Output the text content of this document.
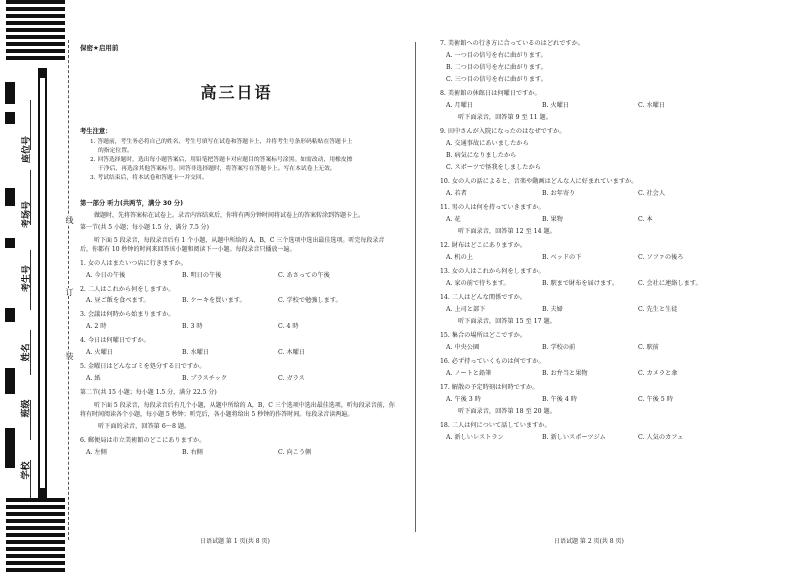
座位号
考场号
考生号
姓名
班级
学校
线
订
装
保密★启用前
高三日语
考生注意：

1. 答题前，考生务必将自己的姓名、考生号填写在试卷和答题卡上，并将考生号条形码粘贴在答题卡上

的指定位置。

2. 回答选择题时，选出每小题答案后，用铅笔把答题卡对应题目的答案标号涂黑。如需改动，用橡皮擦

干净后，再选涂其他答案标号。回答非选择题时，将答案写在答题卡上。写在本试卷上无效。

3. 考试结束后，将本试卷和答题卡一并交回。

第一部分 听力(共两节，满分 30 分)
做题时，先将答案标在试卷上。录音内容结束后，你将有两分钟时间将试卷上的答案转涂到答题卡上。
第一节(共 5 小题；每小题 1.5 分，满分 7.5 分)
听下面 5 段录音，每段录音后有 1 个小题，从题中所给的 A，B，C 三个选项中选出最佳选项。听完每段录音后，你都有 10 秒钟的时间来回答该小题和阅读下一小题。每段录音只播放一遍。
1. 女の人はまたいつ店に行きますか。
A. 今日の午後	B. 明日の午後	C. あさっての午後
2. 二人はこれから何をしますか。
A. 昼ご飯を食べます。	B. ケーキを買います。	C. 学校で勉強します。
3. 会議は何時から始まりますか。
A. 2 時	B. 3 時	C. 4 時
4. 今日は何曜日ですか。
A. 火曜日	B. 水曜日	C. 木曜日
5. 金曜日はどんなゴミを処分する日ですか。
A. 紙	B. プラスチック	C. ガラス
第二节(共 15 小题；每小题 1.5 分，满分 22.5 分)
听下面 5 段录音，每段录音后有几个小题，从题中所给的 A，B，C 三个选项中选出最佳选项。听每段录音前，你将有时间阅读各个小题，每小题 5 秒钟；听完后，各小题将给出 5 秒钟的作答时间。每段录音读两遍。
听下面的录音，回答第 6～8 题。
6. 郵便局は市立美術館のどこにありますか。
A. 左側	B. 右側	C. 向こう側
7. 美術館への行き方に合っているのはどれですか。
A. 一つ目の信号を右に曲がります。
B. 二つ目の信号を左に曲がります。
C. 三つ目の信号を右に曲がります。
8. 美術館の休館日は何曜日ですか。
A. 月曜日	B. 火曜日	C. 水曜日
听下面录音，回答第 9 至 11 题。
9. 田中さんが入院になったのはなぜですか。
A. 交通事故にあいましたから
B. 病気になりましたから
C. スポーツで怪我をしましたから
10. 女の人の話によると、音楽や動画はどんな人に好まれていますか。
A. 若者	B. お年寄り	C. 社会人
11. 男の人は何を持っていきますか。
A. 花	B. 果物	C. 本
听下面录音，回答第 12 至 14 题。
12. 財布はどこにありますか。
A. 机の上	B. ベッドの下	C. ソファの後ろ
13. 女の人はこれから何をしますか。
A. 家の前で待ちます。	B. 駅まで財布を届けます。	C. 会社に連絡します。
14. 二人はどんな関係ですか。
A. 上司と部下	B. 夫婦	C. 先生と生徒
听下面录音，回答第 15 至 17 题。
15. 集合の場所はどこですか。
A. 中央公園	B. 学校の前	C. 駅前
16. 必ず持っていくものは何ですか。
A. ノートと鉛筆	B. お弁当と果物	C. カメラと傘
17. 解散の予定時刻は何時ですか。
A. 午後 3 時	B. 午後 4 時	C. 午後 5 時
听下面录音，回答第 18 至 20 题。
18. 二人は何について話していますか。
A. 新しいレストラン	B. 新しいスポーツジム	C. 人気のカフェ
日语试题 第 1 页(共 8 页)	日语试题 第 2 页(共 8 页)
